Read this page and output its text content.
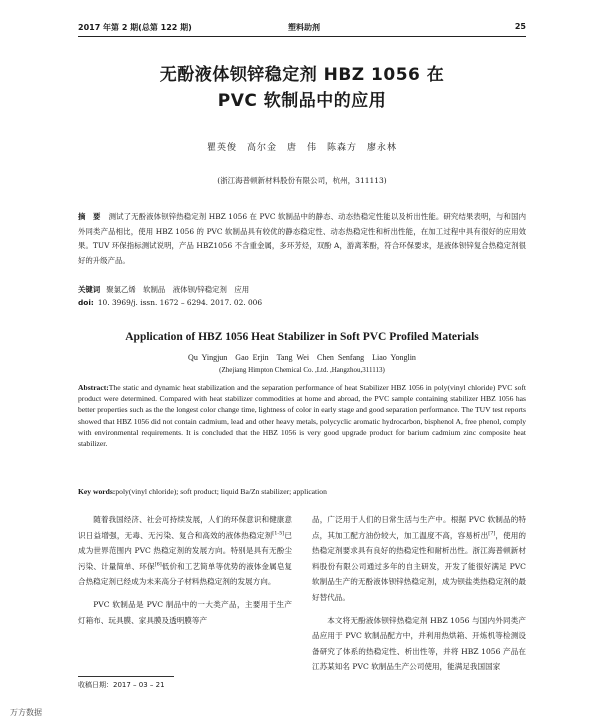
2017 年第 2 期(总第 122 期)	塑料助剂	25
无酚液体钡锌稳定剂 HBZ 1056 在
PVC 软制品中的应用
瞿英俊　高尔金　唐　伟　陈森方　廖永林
(浙江海普顿新材料股份有限公司，杭州，311113)
摘　要 测试了无酚液体钡锌热稳定剂 HBZ 1056 在 PVC 软制品中的静态、动态热稳定性能以及析出性能。研究结果表明，与和国内外同类产品相比，使用 HBZ 1056 的 PVC 软制品具有较优的静态稳定性、动态热稳定性和析出性能，在加工过程中具有很好的应用效果。TUV 环保指标测试说明，产品 HBZ1056 不含重金属，多环芳烃，双酚 A，游离苯酚，符合环保要求，是液体钡锌复合热稳定剂很好的升级产品。
关键词 聚氯乙烯　软制品　液体钡/锌稳定剂　应用
doi: 10. 3969/j. issn. 1672 – 6294. 2017. 02. 006
Application of HBZ 1056 Heat Stabilizer in Soft PVC Profiled Materials
Qu Yingjun　Gao Erjin　Tang Wei　Chen Senfang　Liao Yonglin
(Zhejiang Himpton Chemical Co. ,Ltd. ,Hangzhou,311113)
Abstract:The static and dynamic heat stabilization and the separation performance of heat Stabilizer HBZ 1056 in poly(vinyl chloride) PVC soft product were determined. Compared with heat stabilizer commodities at home and abroad, the PVC sample containing stabilizer HBZ 1056 has better properties such as the the longest color change time, lightness of color in early stage and good separation performance. The TUV test reports showed that HBZ 1056 did not contain cadmium, lead and other heavy metals, polycyclic aromatic hydrocarbon, bisphenol A, free phenol, comply with environmental requirements. It is concluded that the HBZ 1056 is very good upgrade product for barium cadmium zinc composite heat stabilizer.
Key words:poly(vinyl chloride); soft product; liquid Ba/Zn stabilizer; application

随着我国经济、社会可持续发展，人们的环保意识和健康意识日益增强，无毒、无污染、复合和高效的液体热稳定剂[1-5]已成为世界范围内 PVC 热稳定剂的发展方向。特别是具有无酚尘污染、计量简单、环保[6]低价和工艺简单等优势的液体金属皂复合热稳定剂已经成为未来高分子材料热稳定剂的发展方向。

PVC 软制品是 PVC 制品中的一大类产品，主要用于生产灯箱布、玩具膜、家具膜及透明膜等产

品，广泛用于人们的日常生活与生产中。根据 PVC 软制品的特点，其加工配方油份较大，加工温度不高，容易析出[7]，使用的热稳定剂要求具有良好的热稳定性和耐析出性。浙江海普顿新材料股份有限公司通过多年的自主研发，开发了能很好满足 PVC 软制品生产的无酚液体钡锌热稳定剂，成为钡盐类热稳定剂的最好替代品。

本文将无酚液体钡锌热稳定剂 HBZ 1056 与国内外同类产品应用于 PVC 软制品配方中，并利用热烘箱、开炼机等检测设备研究了体系的热稳定性、析出性等，并将 HBZ 1056 产品在江苏某知名 PVC 软制品生产公司使用，能满足我国国家

收稿日期：2017 – 03 – 21
万方数据
